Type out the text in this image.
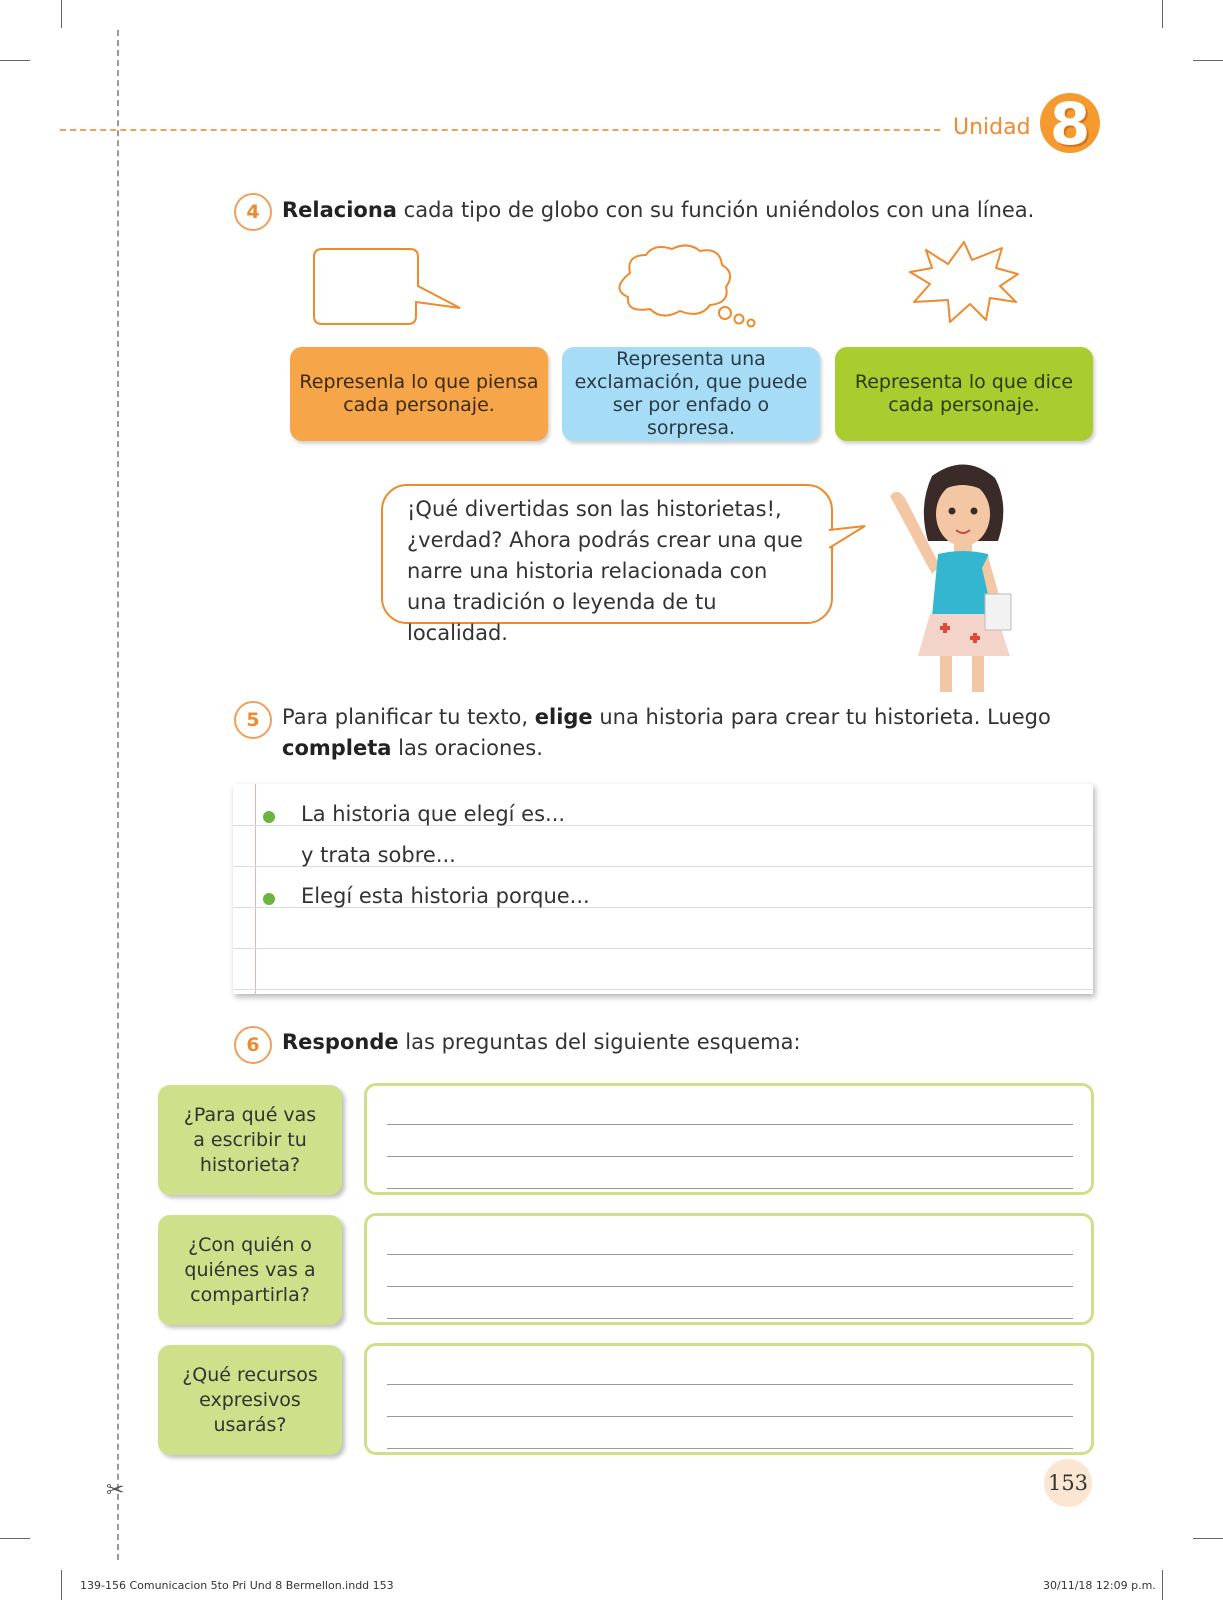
✂
Unidad 8
4	Relaciona cada tipo de globo con su función uniéndolos con una línea.
Represenla lo que piensa cada personaje.
Representa una exclamación, que puede ser por enfado o sorpresa.
Representa lo que dice cada personaje.
¡Qué divertidas son las historietas!, ¿verdad? Ahora podrás crear una que narre una historia relacionada con una tradición o leyenda de tu localidad.
5	Para planificar tu texto, elige una historia para crear tu historieta. Luego completa las oraciones.
La historia que elegí es...
y trata sobre...
Elegí esta historia porque...
6	Responde las preguntas del siguiente esquema:
¿Para qué vas a escribir tu historieta?
¿Con quién o quiénes vas a compartirla?
¿Qué recursos expresivos usarás?
153
139-156 Comunicacion 5to Pri Und 8 Bermellon.indd 153	30/11/18 12:09 p.m.
